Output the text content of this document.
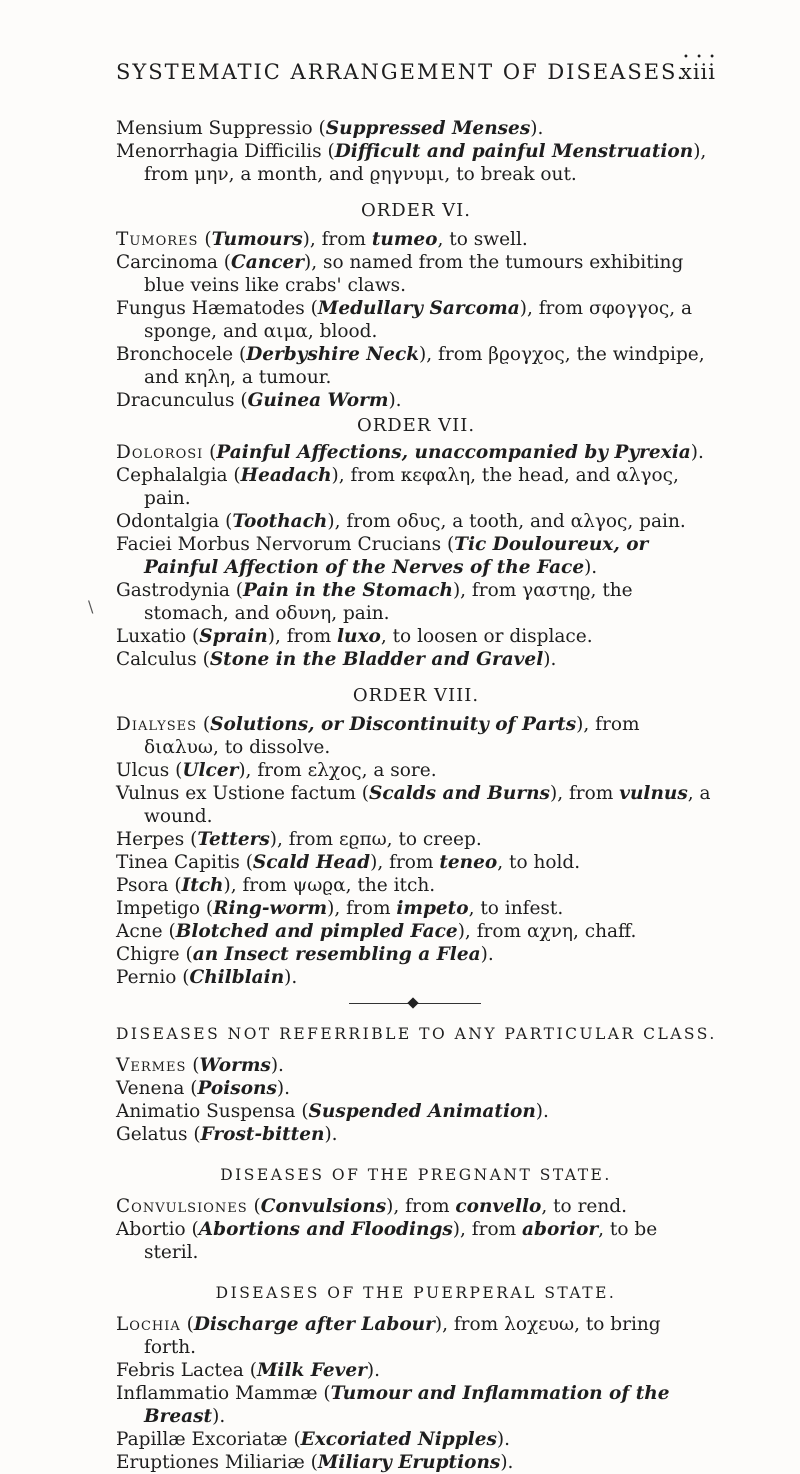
• • •
SYSTEMATIC ARRANGEMENT OF DISEASES.
xiii
\
Mensium Suppressio (Suppressed Menses).
Menorrhagia Difficilis (Difficult and painful Menstruation), from μην, a month, and ϱηγνυμι, to break out.
ORDER VI.
Tumores (Tumours), from tumeo, to swell.
Carcinoma (Cancer), so named from the tumours exhibiting blue veins like crabs' claws.
Fungus Hæmatodes (Medullary Sarcoma), from σφογγος, a sponge, and αιμα, blood.
Bronchocele (Derbyshire Neck), from βϱογχος, the windpipe, and κηλη, a tumour.
Dracunculus (Guinea Worm).
ORDER VII.
Dolorosi (Painful Affections, unaccompanied by Pyrexia).
Cephalalgia (Headach), from κεφαλη, the head, and αλγος, pain.
Odontalgia (Toothach), from οδυς, a tooth, and αλγος, pain.
Faciei Morbus Nervorum Crucians (Tic Douloureux, or Painful Affection of the Nerves of the Face).
Gastrodynia (Pain in the Stomach), from γαστηϱ, the stomach, and οδυνη, pain.
Luxatio (Sprain), from luxo, to loosen or displace.
Calculus (Stone in the Bladder and Gravel).
ORDER VIII.
Dialyses (Solutions, or Discontinuity of Parts), from διαλυω, to dissolve.
Ulcus (Ulcer), from ελχος, a sore.
Vulnus ex Ustione factum (Scalds and Burns), from vulnus, a wound.
Herpes (Tetters), from εϱπω, to creep.
Tinea Capitis (Scald Head), from teneo, to hold.
Psora (Itch), from ψωϱα, the itch.
Impetigo (Ring-worm), from impeto, to infest.
Acne (Blotched and pimpled Face), from αχνη, chaff.
Chigre (an Insect resembling a Flea).
Pernio (Chilblain).
DISEASES NOT REFERRIBLE TO ANY PARTICULAR CLASS.
Vermes (Worms).
Venena (Poisons).
Animatio Suspensa (Suspended Animation).
Gelatus (Frost-bitten).
DISEASES OF THE PREGNANT STATE.
Convulsiones (Convulsions), from convello, to rend.
Abortio (Abortions and Floodings), from aborior, to be steril.
DISEASES OF THE PUERPERAL STATE.
Lochia (Discharge after Labour), from λοχευω, to bring forth.
Febris Lactea (Milk Fever).
Inflammatio Mammæ (Tumour and Inflammation of the Breast).
Papillæ Excoriatæ (Excoriated Nipples).
Eruptiones Miliariæ (Miliary Eruptions).
